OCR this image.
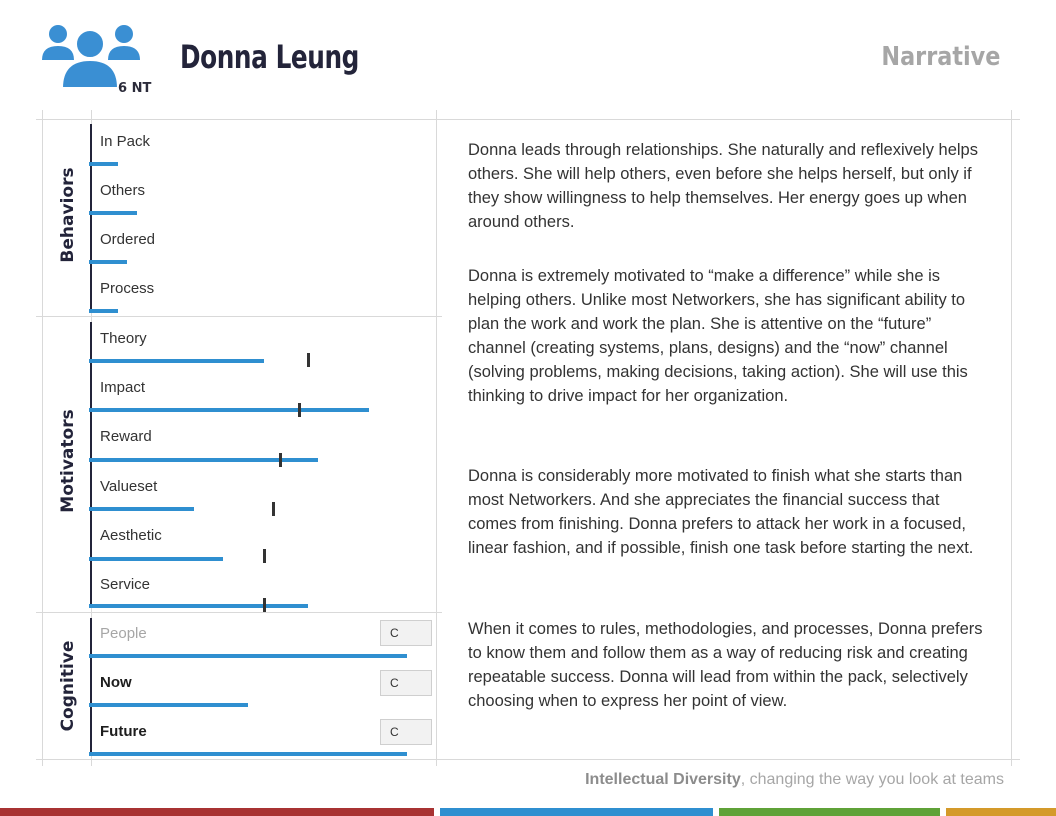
6 NT
Donna Leung	Narrative
Behaviors
Motivators
Cognitive
In Pack
Others
Ordered
Process
Theory
Impact
Reward
Valueset
Aesthetic
Service
People	C
Now	C
Future	C
Donna leads through relationships. She naturally and reflexively helps others. She will help others, even before she helps herself, but only if they show willingness to help themselves. Her energy goes up when around others.
Donna is extremely motivated to “make a difference” while she is helping others. Unlike most Networkers, she has significant ability to plan the work and work the plan. She is attentive on the “future” channel (creating systems, plans, designs) and the “now” channel (solving problems, making decisions, taking action). She will use this thinking to drive impact for her organization.
Donna is considerably more motivated to finish what she starts than most Networkers. And she appreciates the financial success that comes from finishing. Donna prefers to attack her work in a focused, linear fashion, and if possible, finish one task before starting the next.
When it comes to rules, methodologies, and processes, Donna prefers to know them and follow them as a way of reducing risk and creating repeatable success. Donna will lead from within the pack, selectively choosing when to express her point of view.
Intellectual Diversity, changing the way you look at teams
